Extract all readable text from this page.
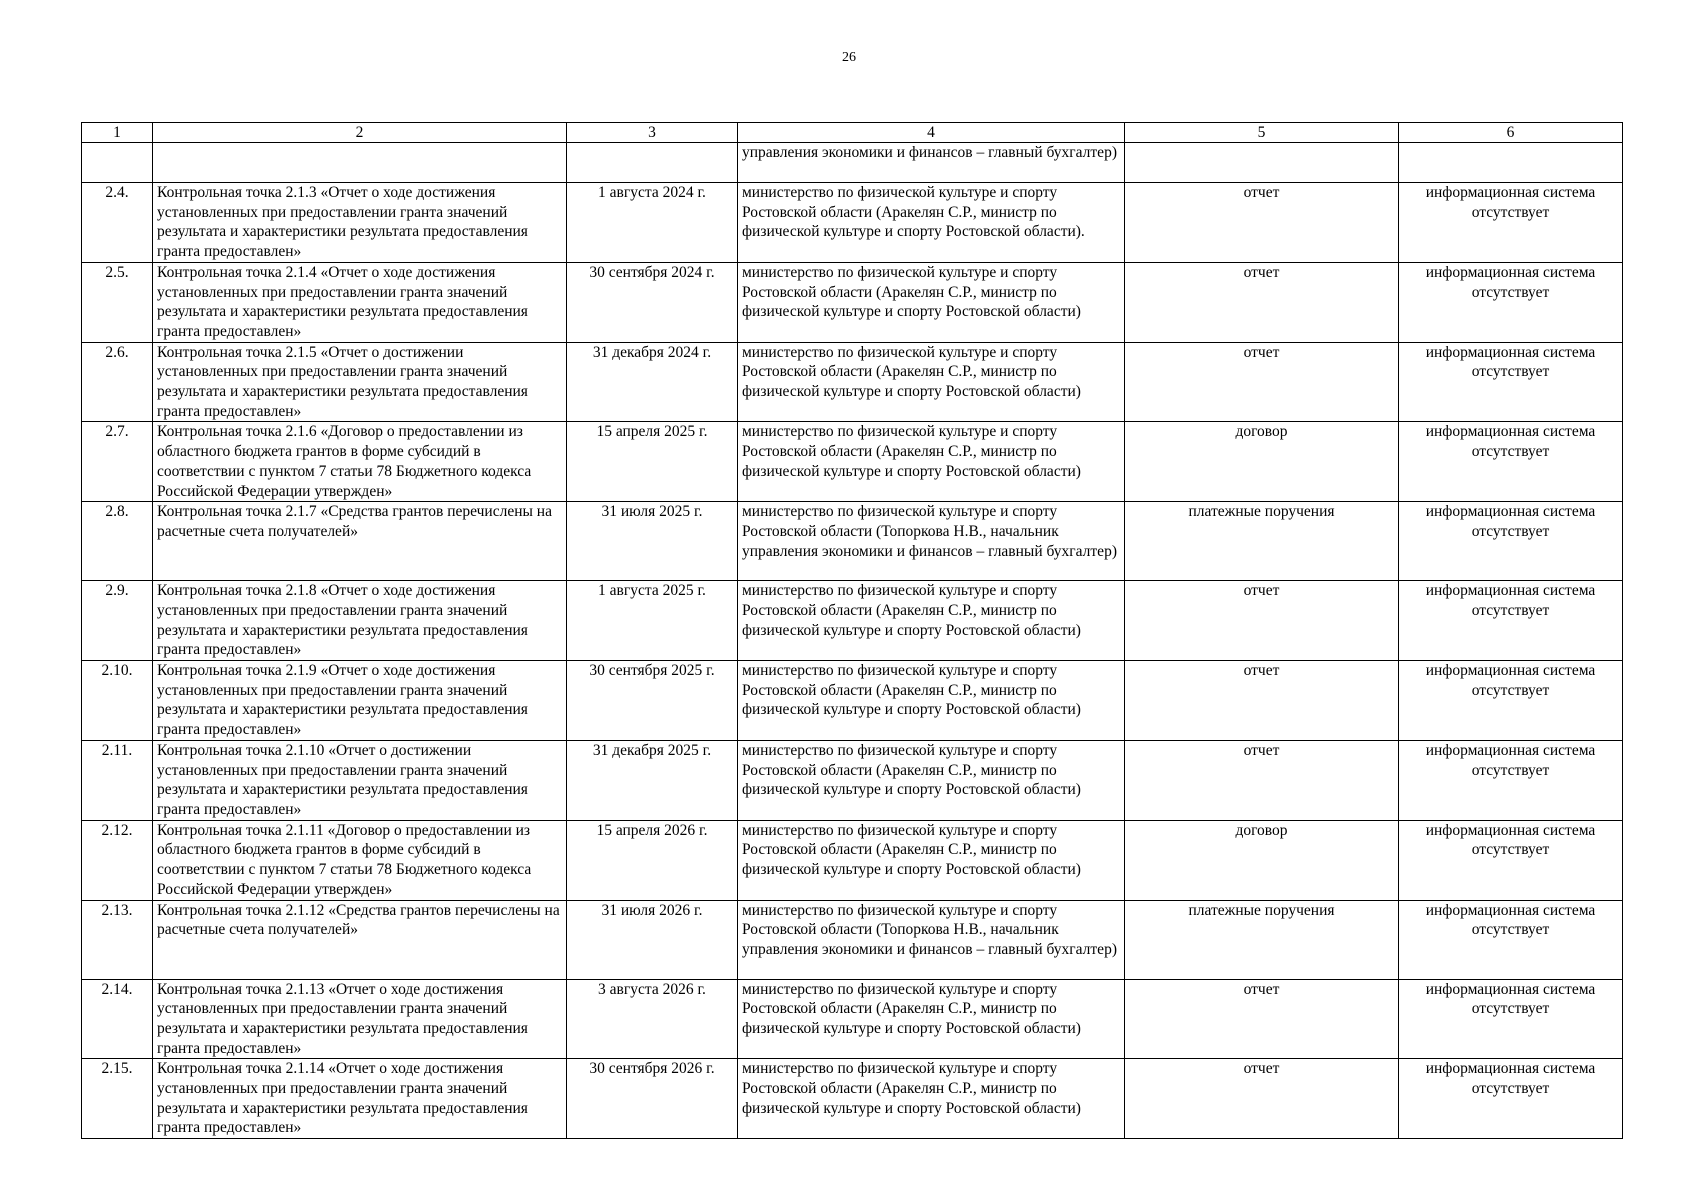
26
1	2	3	4	5	6
			управления экономики и финансов – главный бухгалтер)		
2.4.	Контрольная точка 2.1.3 «Отчет о ходе достижения установленных при предоставлении гранта значений результата и характеристики результата предоставления гранта предоставлен»	1 августа 2024 г.	министерство по физической культуре и спорту Ростовской области (Аракелян С.Р., министр по физической культуре и спорту Ростовской области).	отчет	информационная система отсутствует
2.5.	Контрольная точка 2.1.4 «Отчет о ходе достижения установленных при предоставлении гранта значений результата и характеристики результата предоставления гранта предоставлен»	30 сентября 2024 г.	министерство по физической культуре и спорту Ростовской области (Аракелян С.Р., министр по физической культуре и спорту Ростовской области)	отчет	информационная система отсутствует
2.6.	Контрольная точка 2.1.5 «Отчет о достижении установленных при предоставлении гранта значений результата и характеристики результата предоставления гранта предоставлен»	31 декабря 2024 г.	министерство по физической культуре и спорту Ростовской области (Аракелян С.Р., министр по физической культуре и спорту Ростовской области)	отчет	информационная система отсутствует
2.7.	Контрольная точка 2.1.6 «Договор о предоставлении из областного бюджета грантов в форме субсидий в соответствии с пунктом 7 статьи 78 Бюджетного кодекса Российской Федерации утвержден»	15 апреля 2025 г.	министерство по физической культуре и спорту Ростовской области (Аракелян С.Р., министр по физической культуре и спорту Ростовской области)	договор	информационная система отсутствует
2.8.	Контрольная точка 2.1.7 «Средства грантов перечислены на расчетные счета получателей»	31 июля 2025 г.	министерство по физической культуре и спорту Ростовской области (Топоркова Н.В., начальник управления экономики и финансов – главный бухгалтер)	платежные поручения	информационная система отсутствует
2.9.	Контрольная точка 2.1.8 «Отчет о ходе достижения установленных при предоставлении гранта значений результата и характеристики результата предоставления гранта предоставлен»	1 августа 2025 г.	министерство по физической культуре и спорту Ростовской области (Аракелян С.Р., министр по физической культуре и спорту Ростовской области)	отчет	информационная система отсутствует
2.10.	Контрольная точка 2.1.9 «Отчет о ходе достижения установленных при предоставлении гранта значений результата и характеристики результата предоставления гранта предоставлен»	30 сентября 2025 г.	министерство по физической культуре и спорту Ростовской области (Аракелян С.Р., министр по физической культуре и спорту Ростовской области)	отчет	информационная система отсутствует
2.11.	Контрольная точка 2.1.10 «Отчет о достижении установленных при предоставлении гранта значений результата и характеристики результата предоставления гранта предоставлен»	31 декабря 2025 г.	министерство по физической культуре и спорту Ростовской области (Аракелян С.Р., министр по физической культуре и спорту Ростовской области)	отчет	информационная система отсутствует
2.12.	Контрольная точка 2.1.11 «Договор о предоставлении из областного бюджета грантов в форме субсидий в соответствии с пунктом 7 статьи 78 Бюджетного кодекса Российской Федерации утвержден»	15 апреля 2026 г.	министерство по физической культуре и спорту Ростовской области (Аракелян С.Р., министр по физической культуре и спорту Ростовской области)	договор	информационная система отсутствует
2.13.	Контрольная точка 2.1.12 «Средства грантов перечислены на расчетные счета получателей»	31 июля 2026 г.	министерство по физической культуре и спорту Ростовской области (Топоркова Н.В., начальник управления экономики и финансов – главный бухгалтер)	платежные поручения	информационная система отсутствует
2.14.	Контрольная точка 2.1.13 «Отчет о ходе достижения установленных при предоставлении гранта значений результата и характеристики результата предоставления гранта предоставлен»	3 августа 2026 г.	министерство по физической культуре и спорту Ростовской области (Аракелян С.Р., министр по физической культуре и спорту Ростовской области)	отчет	информационная система отсутствует
2.15.	Контрольная точка 2.1.14 «Отчет о ходе достижения установленных при предоставлении гранта значений результата и характеристики результата предоставления гранта предоставлен»	30 сентября 2026 г.	министерство по физической культуре и спорту Ростовской области (Аракелян С.Р., министр по физической культуре и спорту Ростовской области)	отчет	информационная система отсутствует
